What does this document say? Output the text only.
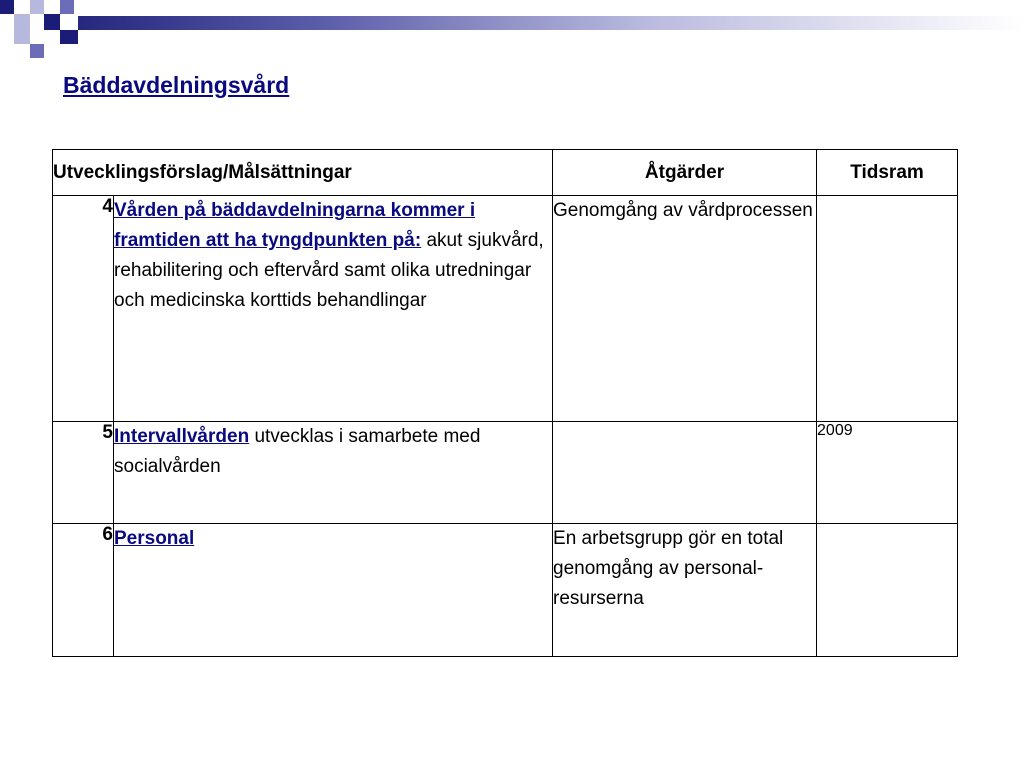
Bäddavdelningsvård
Utvecklingsförslag/Målsättningar		Åtgärder	Tidsram
4	Vården på bäddavdelningarna kommer i framtiden att ha tyngdpunkten på: akut sjukvård, rehabilitering och eftervård samt olika utredningar och medicinska korttids behandlingar	Genomgång av vårdprocessen	
5	Intervallvården utvecklas i samarbete med socialvården		2009
6	Personal	En arbetsgrupp gör en total genomgång av personal-resurserna	
